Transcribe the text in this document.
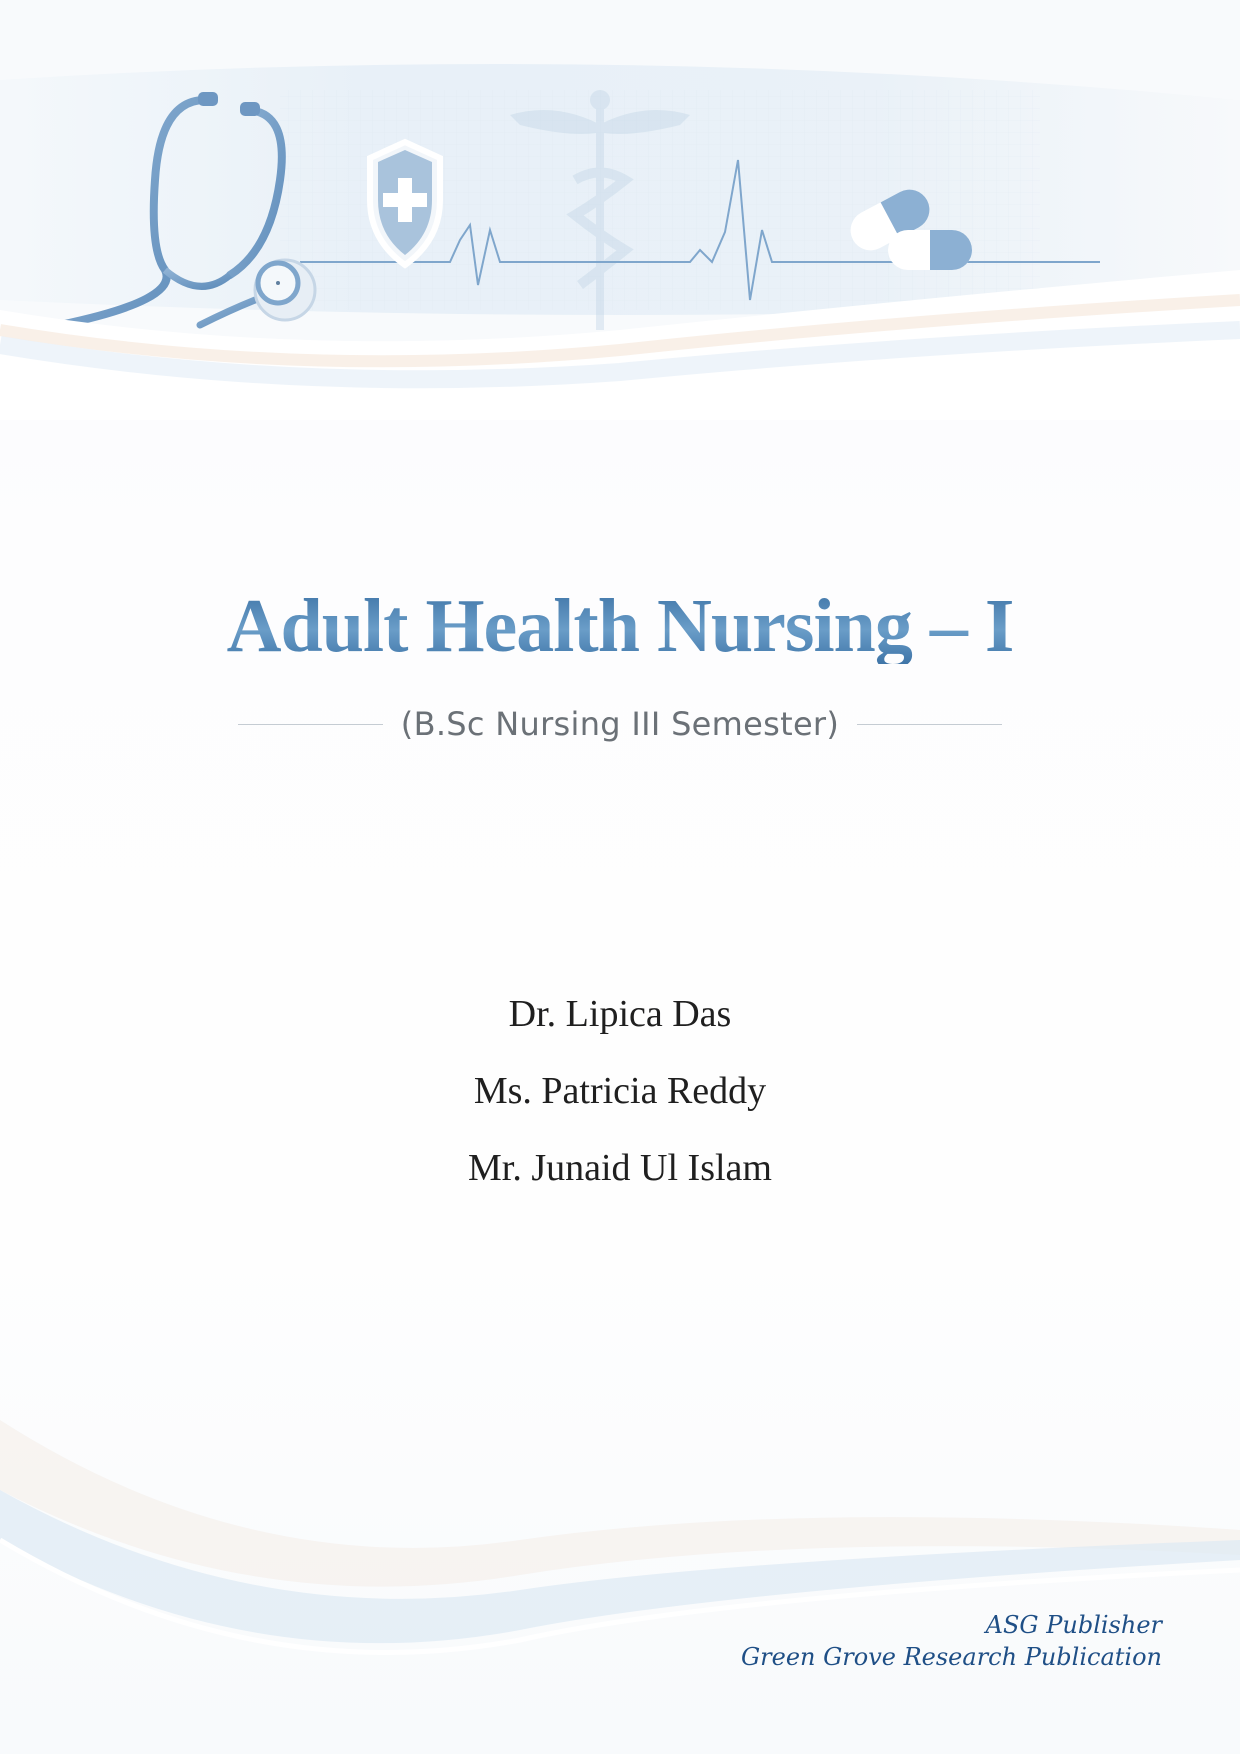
Adult Health Nursing – I
(B.Sc Nursing III Semester)
Dr. Lipica Das
Ms. Patricia Reddy
Mr. Junaid Ul Islam
ASG Publisher
Green Grove Research Publication
